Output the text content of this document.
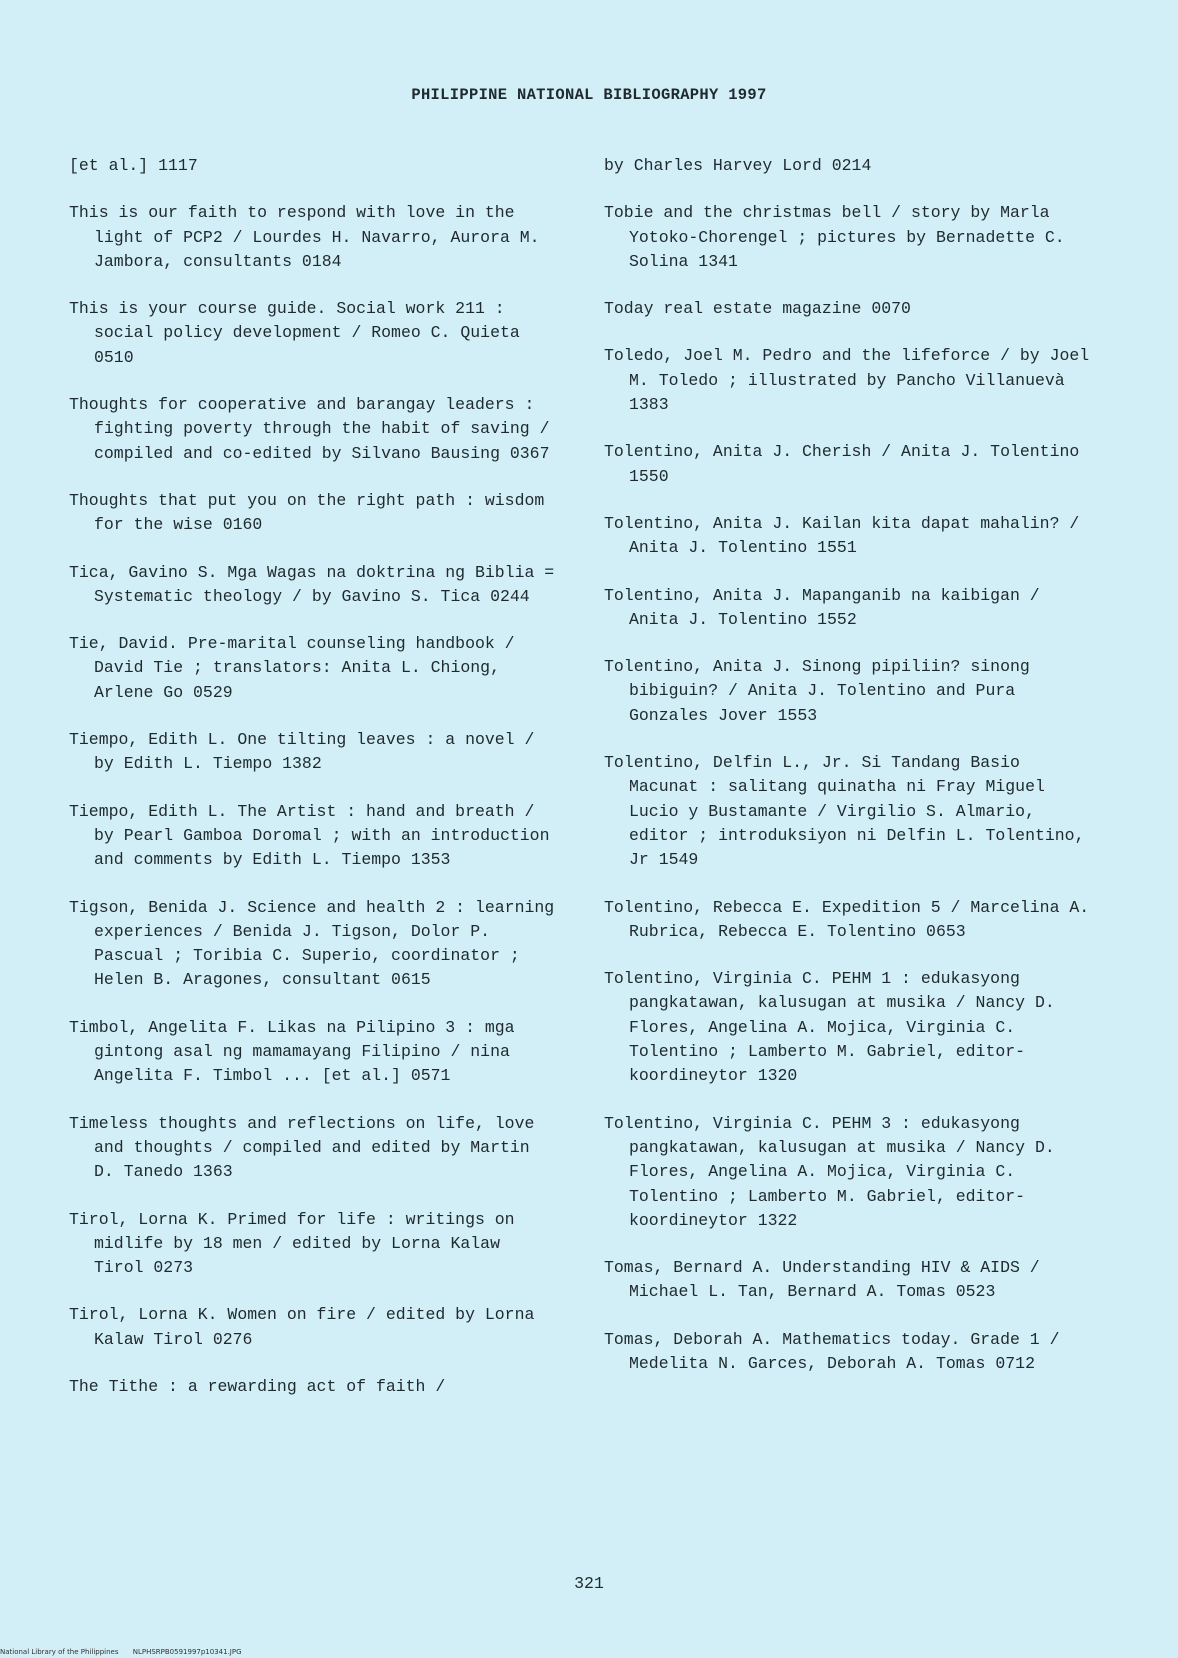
PHILIPPINE NATIONAL BIBLIOGRAPHY 1997
[et al.] 1117
This is our faith to respond with love in the light of PCP2 / Lourdes H. Navarro, Aurora M. Jambora, consultants 0184
This is your course guide. Social work 211 : social policy development / Romeo C. Quieta 0510
Thoughts for cooperative and barangay leaders : fighting poverty through the habit of saving / compiled and co-edited by Silvano Bausing 0367
Thoughts that put you on the right path : wisdom for the wise 0160
Tica, Gavino S. Mga Wagas na doktrina ng Biblia = Systematic theology / by Gavino S. Tica 0244
Tie, David. Pre-marital counseling handbook / David Tie ; translators: Anita L. Chiong, Arlene Go 0529
Tiempo, Edith L. One tilting leaves : a novel / by Edith L. Tiempo 1382
Tiempo, Edith L. The Artist : hand and breath / by Pearl Gamboa Doromal ; with an introduction and comments by Edith L. Tiempo 1353
Tigson, Benida J. Science and health 2 : learning experiences / Benida J. Tigson, Dolor P. Pascual ; Toribia C. Superio, coordinator ; Helen B. Aragones, consultant 0615
Timbol, Angelita F. Likas na Pilipino 3 : mga gintong asal ng mamamayang Filipino / nina Angelita F. Timbol ... [et al.] 0571
Timeless thoughts and reflections on life, love and thoughts / compiled and edited by Martin D. Tanedo 1363
Tirol, Lorna K. Primed for life : writings on midlife by 18 men / edited by Lorna Kalaw Tirol 0273
Tirol, Lorna K. Women on fire / edited by Lorna Kalaw Tirol 0276
The Tithe : a rewarding act of faith /
by Charles Harvey Lord 0214
Tobie and the christmas bell / story by Marla Yotoko-Chorengel ; pictures by Bernadette C. Solina 1341
Today real estate magazine 0070
Toledo, Joel M. Pedro and the lifeforce / by Joel M. Toledo ; illustrated by Pancho Villanuevà 1383
Tolentino, Anita J. Cherish / Anita J. Tolentino 1550
Tolentino, Anita J. Kailan kita dapat mahalin? / Anita J. Tolentino 1551
Tolentino, Anita J. Mapanganib na kaibigan / Anita J. Tolentino 1552
Tolentino, Anita J. Sinong pipiliin? sinong bibiguin? / Anita J. Tolentino and Pura Gonzales Jover 1553
Tolentino, Delfin L., Jr. Si Tandang Basio Macunat : salitang quinatha ni Fray Miguel Lucio y Bustamante / Virgilio S. Almario, editor ; introduksiyon ni Delfin L. Tolentino, Jr 1549
Tolentino, Rebecca E. Expedition 5 / Marcelina A. Rubrica, Rebecca E. Tolentino 0653
Tolentino, Virginia C. PEHM 1 : edukasyong pangkatawan, kalusugan at musika / Nancy D. Flores, Angelina A. Mojica, Virginia C. Tolentino ; Lamberto M. Gabriel, editor-koordineytor 1320
Tolentino, Virginia C. PEHM 3 : edukasyong pangkatawan, kalusugan at musika / Nancy D. Flores, Angelina A. Mojica, Virginia C. Tolentino ; Lamberto M. Gabriel, editor-koordineytor 1322
Tomas, Bernard A. Understanding HIV & AIDS / Michael L. Tan, Bernard A. Tomas 0523
Tomas, Deborah A. Mathematics today. Grade 1 / Medelita N. Garces, Deborah A. Tomas 0712
321
National Library of the Philippines NLPHSRPB0591997p10341.JPG
